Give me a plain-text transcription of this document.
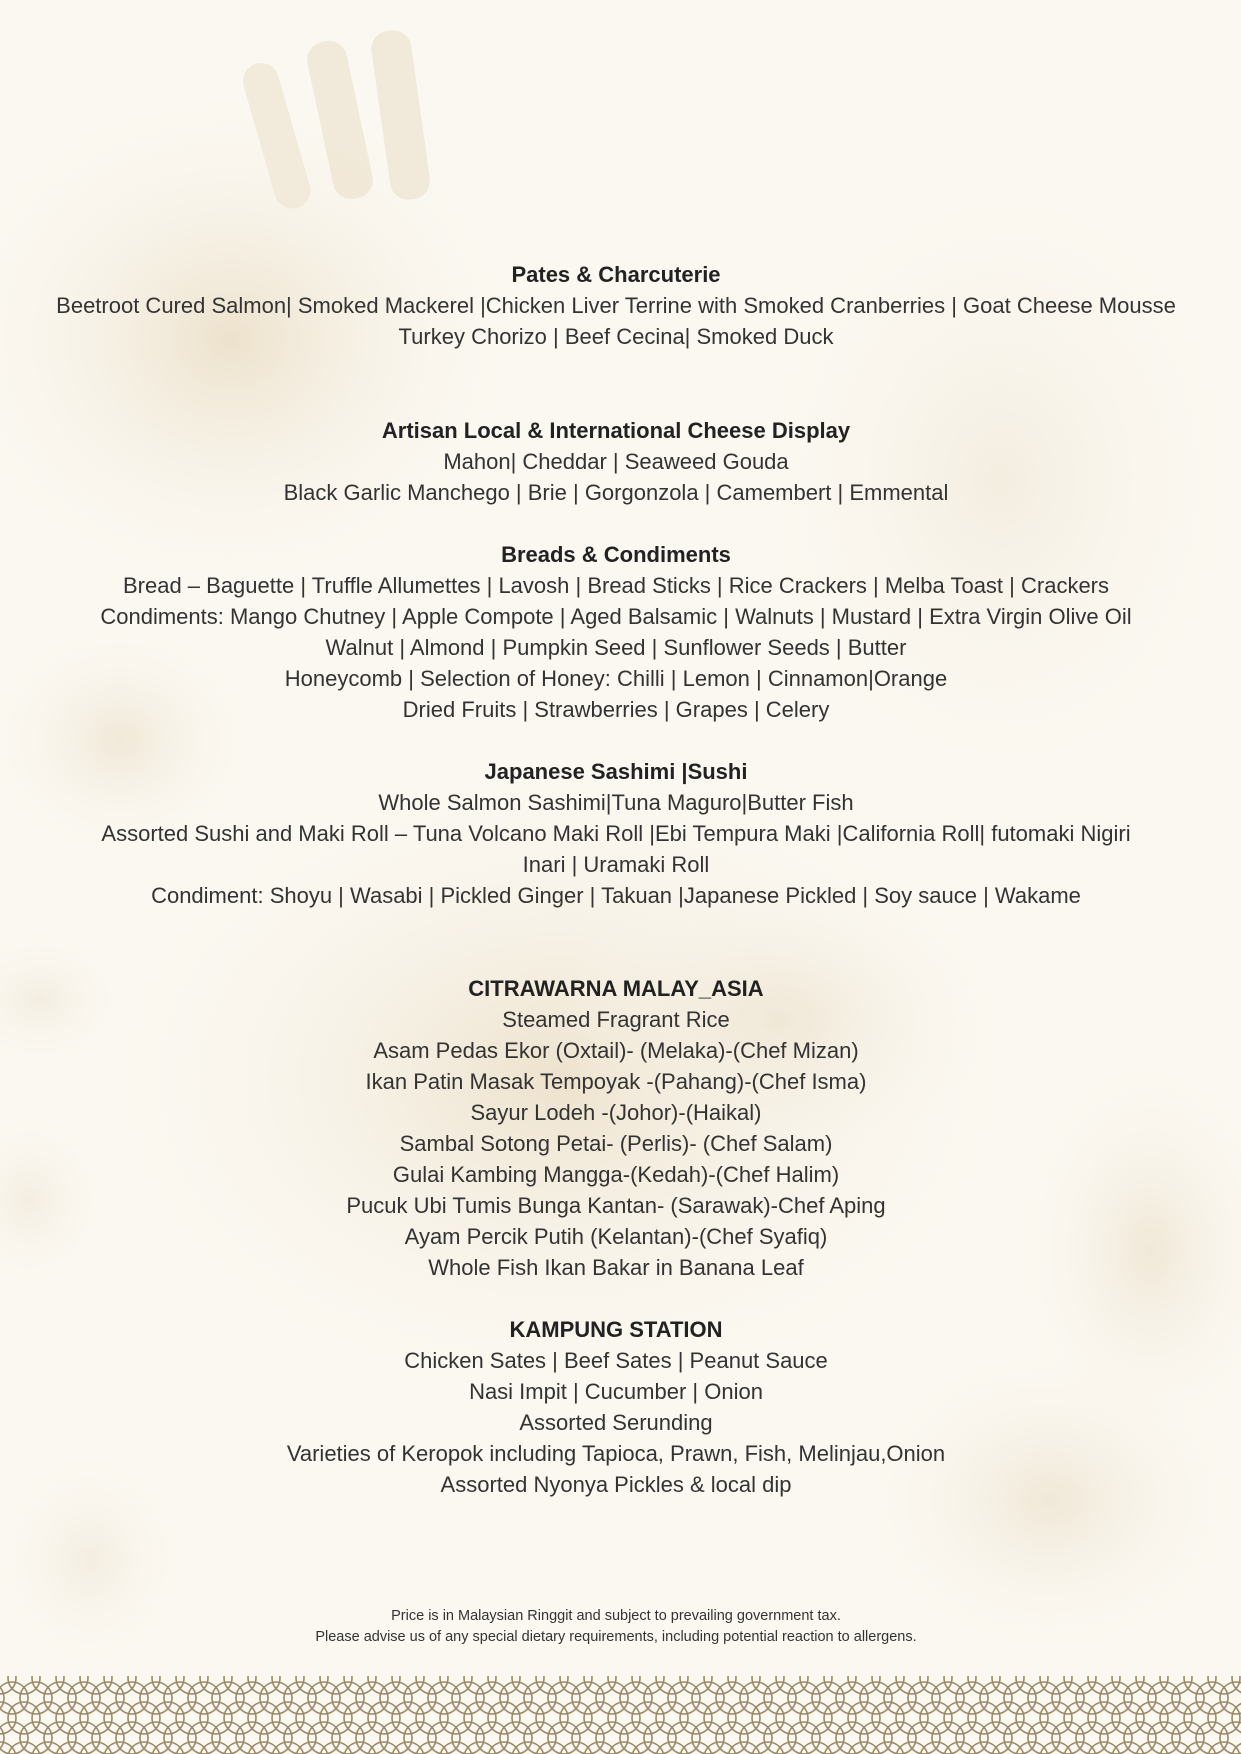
Pates & Charcuterie
Beetroot Cured Salmon| Smoked Mackerel |Chicken Liver Terrine with Smoked Cranberries | Goat Cheese Mousse
Turkey Chorizo | Beef Cecina| Smoked Duck
Artisan Local & International Cheese Display
Mahon| Cheddar | Seaweed Gouda
Black Garlic Manchego | Brie | Gorgonzola | Camembert | Emmental
Breads & Condiments
Bread – Baguette | Truffle Allumettes | Lavosh | Bread Sticks | Rice Crackers | Melba Toast | Crackers
Condiments: Mango Chutney | Apple Compote | Aged Balsamic | Walnuts | Mustard | Extra Virgin Olive Oil
Walnut | Almond | Pumpkin Seed | Sunflower Seeds | Butter
Honeycomb | Selection of Honey: Chilli | Lemon | Cinnamon|Orange
Dried Fruits | Strawberries | Grapes | Celery
Japanese Sashimi |Sushi
Whole Salmon Sashimi|Tuna Maguro|Butter Fish
Assorted Sushi and Maki Roll – Tuna Volcano Maki Roll |Ebi Tempura Maki |California Roll| futomaki Nigiri
Inari | Uramaki Roll
Condiment: Shoyu | Wasabi | Pickled Ginger | Takuan |Japanese Pickled | Soy sauce | Wakame
CITRAWARNA MALAY_ASIA
Steamed Fragrant Rice
Asam Pedas Ekor (Oxtail)- (Melaka)-(Chef Mizan)
Ikan Patin Masak Tempoyak -(Pahang)-(Chef Isma)
Sayur Lodeh -(Johor)-(Haikal)
Sambal Sotong Petai- (Perlis)- (Chef Salam)
Gulai Kambing Mangga-(Kedah)-(Chef Halim)
Pucuk Ubi Tumis Bunga Kantan- (Sarawak)-Chef Aping
Ayam Percik Putih (Kelantan)-(Chef Syafiq)
Whole Fish Ikan Bakar in Banana Leaf
KAMPUNG STATION
Chicken Sates | Beef Sates | Peanut Sauce
Nasi Impit | Cucumber | Onion
Assorted Serunding
Varieties of Keropok including Tapioca, Prawn, Fish, Melinjau,Onion
Assorted Nyonya Pickles & local dip
Price is in Malaysian Ringgit and subject to prevailing government tax.
Please advise us of any special dietary requirements, including potential reaction to allergens.
